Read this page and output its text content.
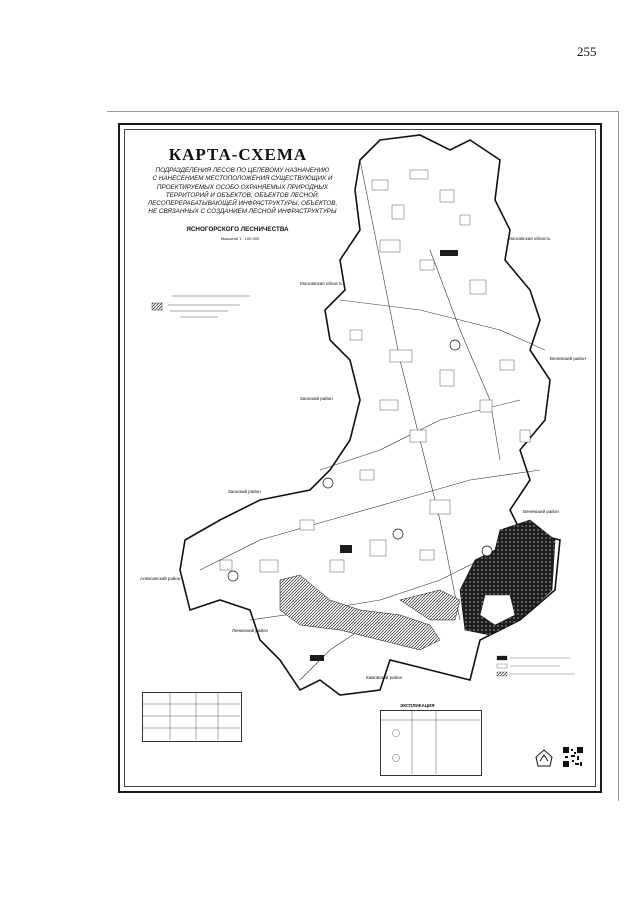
255
Московская область
Московская область
Веневский район
Заокский район
Заокский район
Алексинский район
Ленинский район
Веневский район
Кимовский район
КАРТА-СХЕМА
ПОДРАЗДЕЛЕНИЯ ЛЕСОВ ПО ЦЕЛЕВОМУ НАЗНАЧЕНИЮ
С НАНЕСЕНИЕМ МЕСТОПОЛОЖЕНИЯ СУЩЕСТВУЮЩИХ И
ПРОЕКТИРУЕМЫХ ОСОБО ОХРАНЯЕМЫХ ПРИРОДНЫХ
ТЕРРИТОРИЙ И ОБЪЕКТОВ, ОБЪЕКТОВ ЛЕСНОЙ,
ЛЕСОПЕРЕРАБАТЫВАЮЩЕЙ ИНФРАСТРУКТУРЫ, ОБЪЕКТОВ,
НЕ СВЯЗАННЫХ С СОЗДАНИЕМ ЛЕСНОЙ ИНФРАСТРУКТУРЫ
ЯСНОГОРСКОГО ЛЕСНИЧЕСТВА
Масштаб 1 : 100 000
ЭКСПЛИКАЦИЯ
